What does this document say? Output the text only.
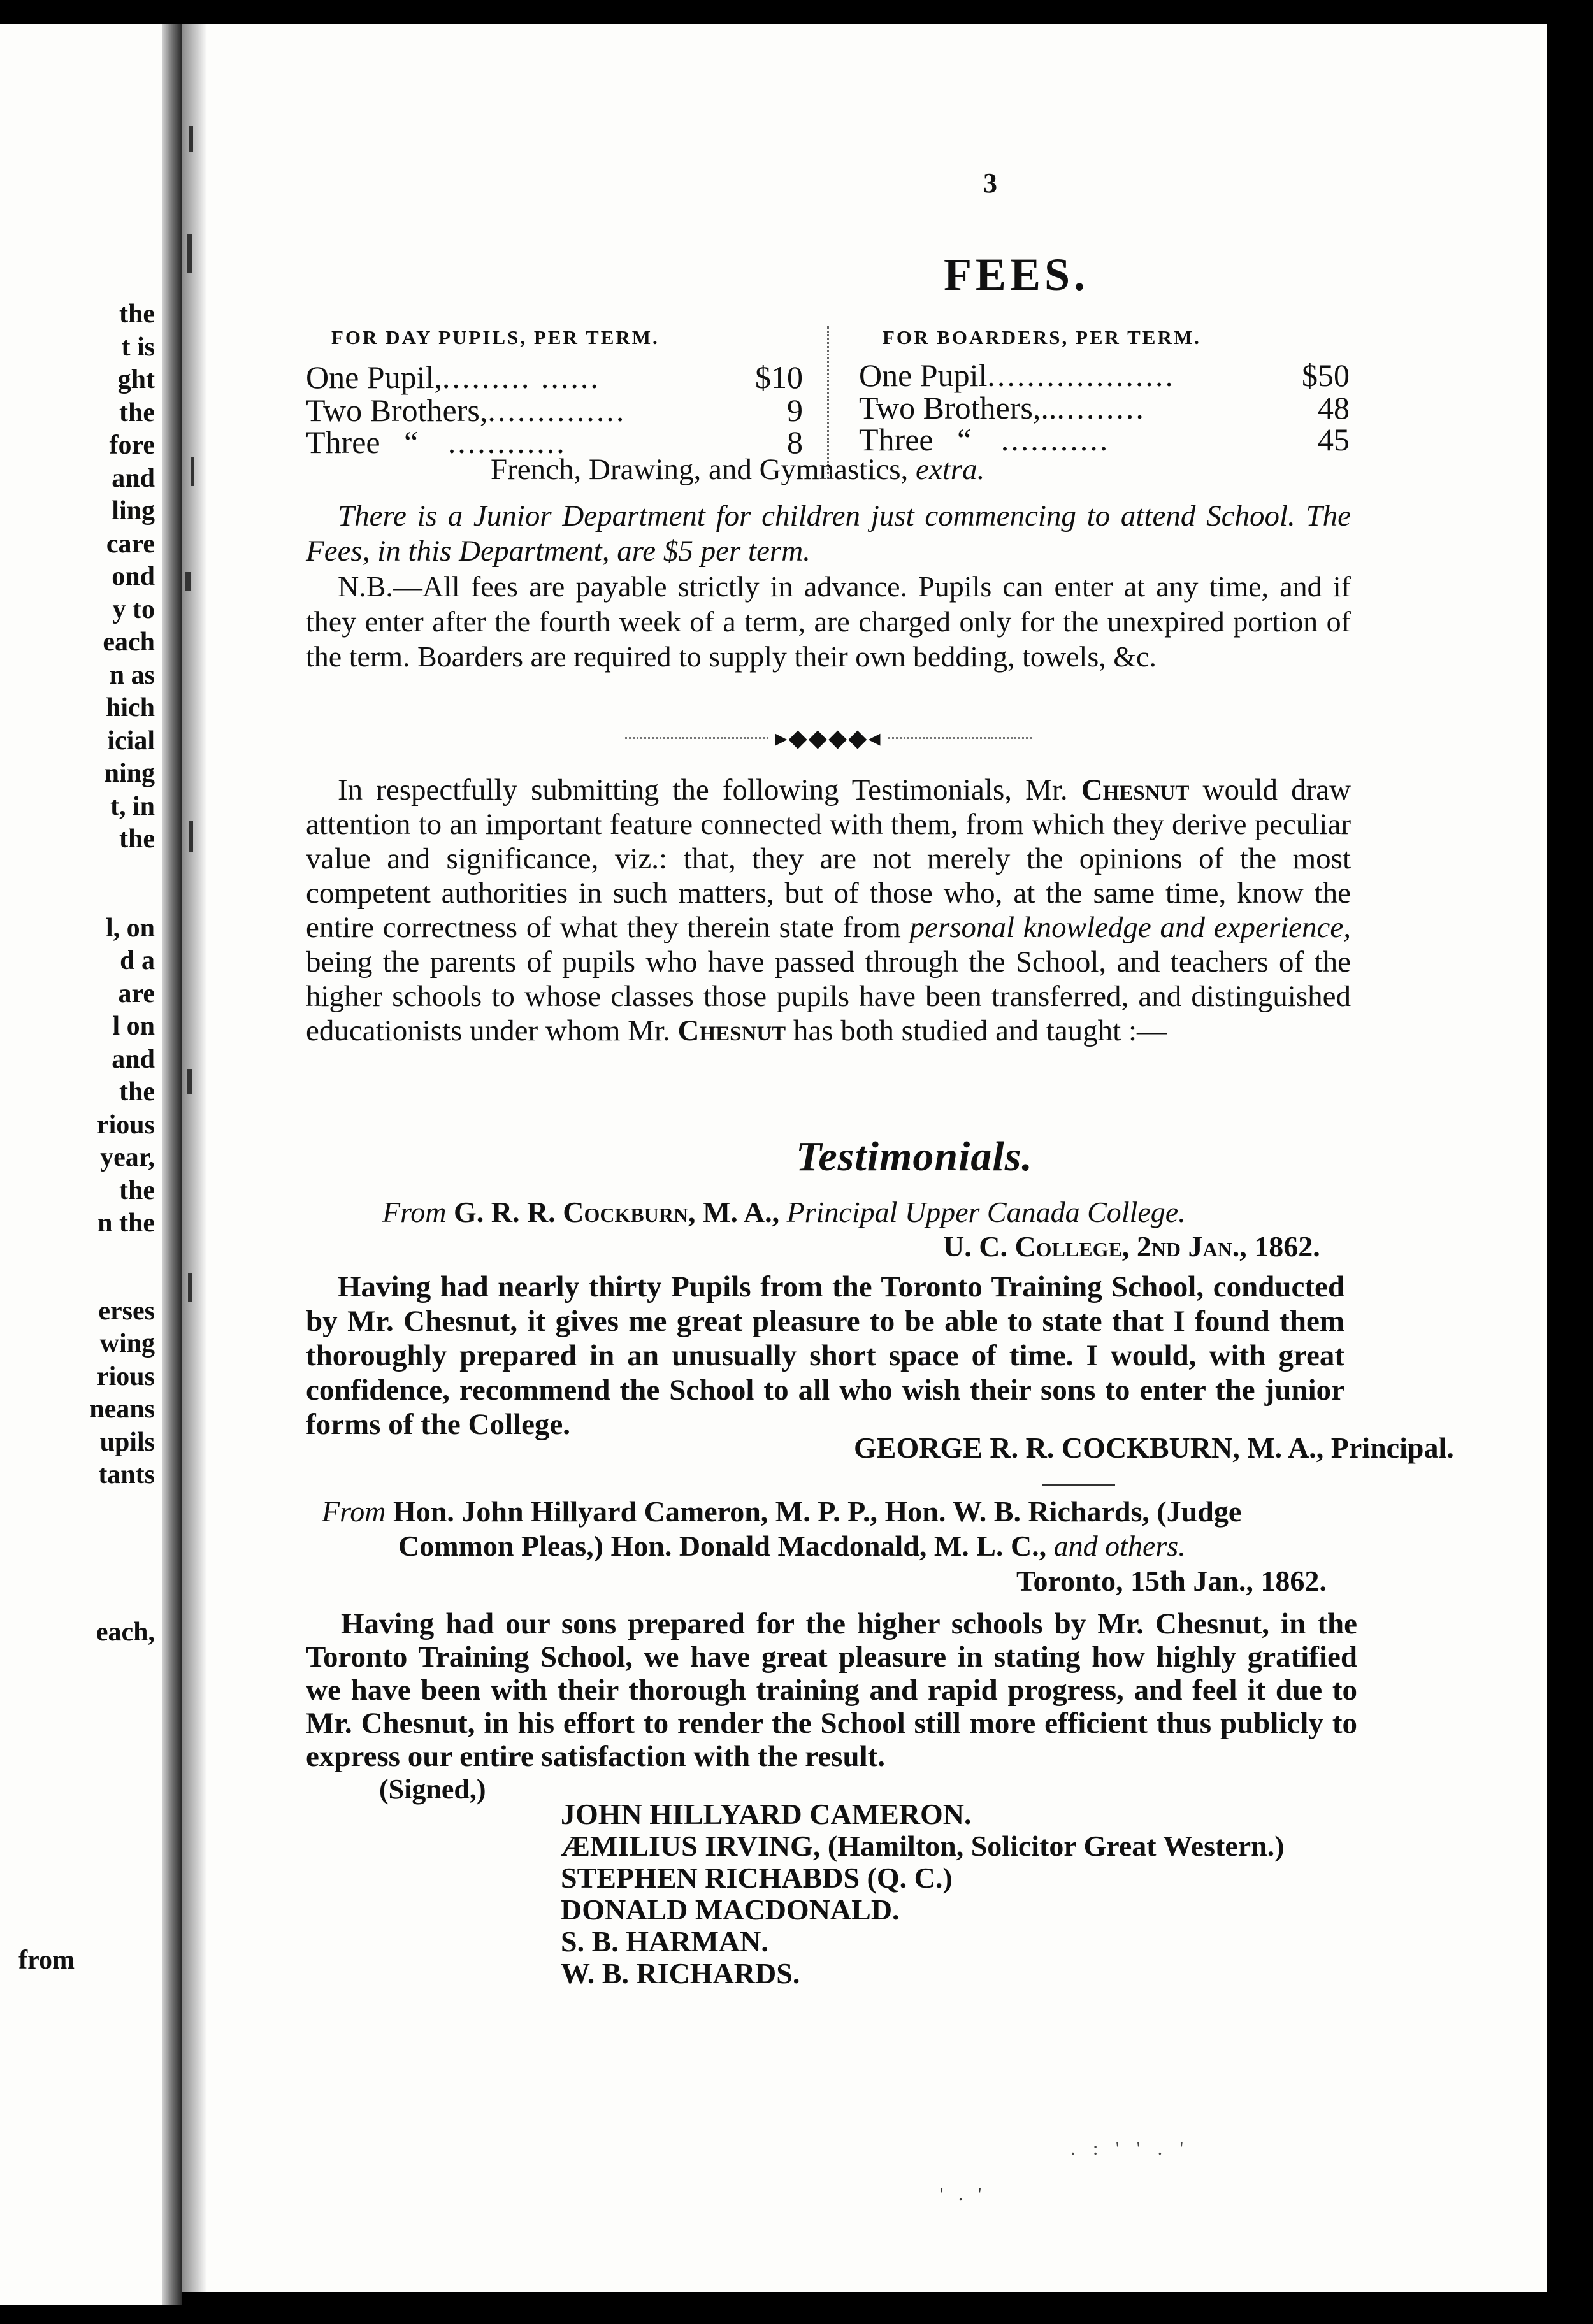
the
t is
ght
the
fore
and
ling
care
ond
y to
each
n as
hich
icial
ning
t, in
the
l, on
d a
are
l on
and
the
rious
year,
the
n the
erses
wing
rious
neans
upils
tants
each,
from
3
FEES.
FOR DAY PUPILS, PER TERM.	FOR BOARDERS, PER TERM.
One Pupil,......... ......	$10
Two Brothers,..............	9
Three   “   ............	8
One Pupil...................	$50
Two Brothers,...........	48
Three   “   ...........	45
French, Drawing, and Gymnastics, extra.
There is a Junior Department for children just commencing to attend School. The Fees, in this Department, are $5 per term.
N.B.—All fees are payable strictly in advance. Pupils can enter at any time, and if they enter after the fourth week of a term, are charged only for the unexpired portion of the term. Boarders are required to supply their own bedding, towels, &c.
▸◆◆◆◆◂
In respectfully submitting the following Testimonials, Mr. Chesnut would draw attention to an important feature connected with them, from which they derive peculiar value and significance, viz.: that, they are not merely the opinions of the most competent authorities in such matters, but of those who, at the same time, know the entire correctness of what they therein state from personal knowledge and experience, being the parents of pupils who have passed through the School, and teachers of the higher schools to whose classes those pupils have been transferred, and distinguished educationists under whom Mr. Chesnut has both studied and taught :—
Testimonials.
From G. R. R. Cockburn, M. A., Principal Upper Canada College.
U. C. College, 2nd Jan., 1862.
Having had nearly thirty Pupils from the Toronto Training School, conducted by Mr. Chesnut, it gives me great pleasure to be able to state that I found them thoroughly prepared in an unusually short space of time. I would, with great confidence, recommend the School to all who wish their sons to enter the junior forms of the College.
GEORGE R. R. COCKBURN, M. A., Principal.
From Hon. John Hillyard Cameron, M. P. P., Hon. W. B. Richards, (Judge
Common Pleas,) Hon. Donald Macdonald, M. L. C., and others.
Toronto, 15th Jan., 1862.
Having had our sons prepared for the higher schools by Mr. Chesnut, in the Toronto Training School, we have great pleasure in stating how highly gratified we have been with their thorough training and rapid progress, and feel it due to Mr. Chesnut, in his effort to render the School still more efficient thus publicly to express our entire satisfaction with the result.
(Signed,)
JOHN HILLYARD CAMERON.
ÆMILIUS IRVING, (Hamilton, Solicitor Great Western.)
STEPHEN RICHABDS (Q. C.)
DONALD MACDONALD.
S. B. HARMAN.
W. B. RICHARDS.
. : ' ' . '
' . '
